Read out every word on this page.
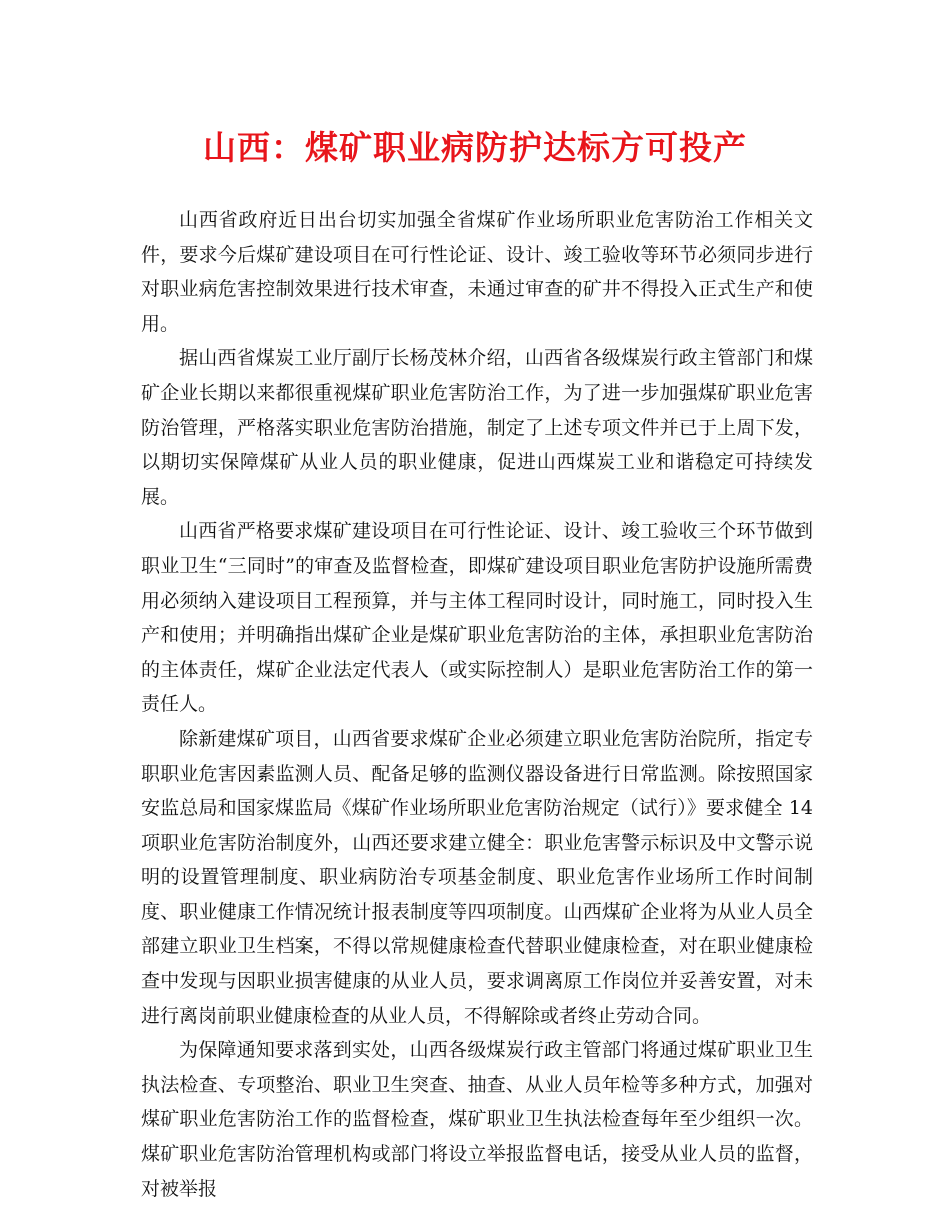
山西：煤矿职业病防护达标方可投产

山西省政府近日出台切实加强全省煤矿作业场所职业危害防治工作相关文件，要求今后煤矿建设项目在可行性论证、设计、竣工验收等环节必须同步进行对职业病危害控制效果进行技术审查，未通过审查的矿井不得投入正式生产和使用。

据山西省煤炭工业厅副厅长杨茂林介绍，山西省各级煤炭行政主管部门和煤矿企业长期以来都很重视煤矿职业危害防治工作，为了进一步加强煤矿职业危害防治管理，严格落实职业危害防治措施，制定了上述专项文件并已于上周下发，以期切实保障煤矿从业人员的职业健康，促进山西煤炭工业和谐稳定可持续发展。

山西省严格要求煤矿建设项目在可行性论证、设计、竣工验收三个环节做到职业卫生“三同时”的审查及监督检查，即煤矿建设项目职业危害防护设施所需费用必须纳入建设项目工程预算，并与主体工程同时设计，同时施工，同时投入生产和使用；并明确指出煤矿企业是煤矿职业危害防治的主体，承担职业危害防治的主体责任，煤矿企业法定代表人（或实际控制人）是职业危害防治工作的第一责任人。

除新建煤矿项目，山西省要求煤矿企业必须建立职业危害防治院所，指定专职职业危害因素监测人员、配备足够的监测仪器设备进行日常监测。除按照国家安监总局和国家煤监局《煤矿作业场所职业危害防治规定（试行）》要求健全 14 项职业危害防治制度外，山西还要求建立健全：职业危害警示标识及中文警示说明的设置管理制度、职业病防治专项基金制度、职业危害作业场所工作时间制度、职业健康工作情况统计报表制度等四项制度。山西煤矿企业将为从业人员全部建立职业卫生档案，不得以常规健康检查代替职业健康检查，对在职业健康检查中发现与因职业损害健康的从业人员，要求调离原工作岗位并妥善安置，对未进行离岗前职业健康检查的从业人员，不得解除或者终止劳动合同。

为保障通知要求落到实处，山西各级煤炭行政主管部门将通过煤矿职业卫生执法检查、专项整治、职业卫生突查、抽查、从业人员年检等多种方式，加强对煤矿职业危害防治工作的监督检查，煤矿职业卫生执法检查每年至少组织一次。煤矿职业危害防治管理机构或部门将设立举报监督电话，接受从业人员的监督，对被举报
